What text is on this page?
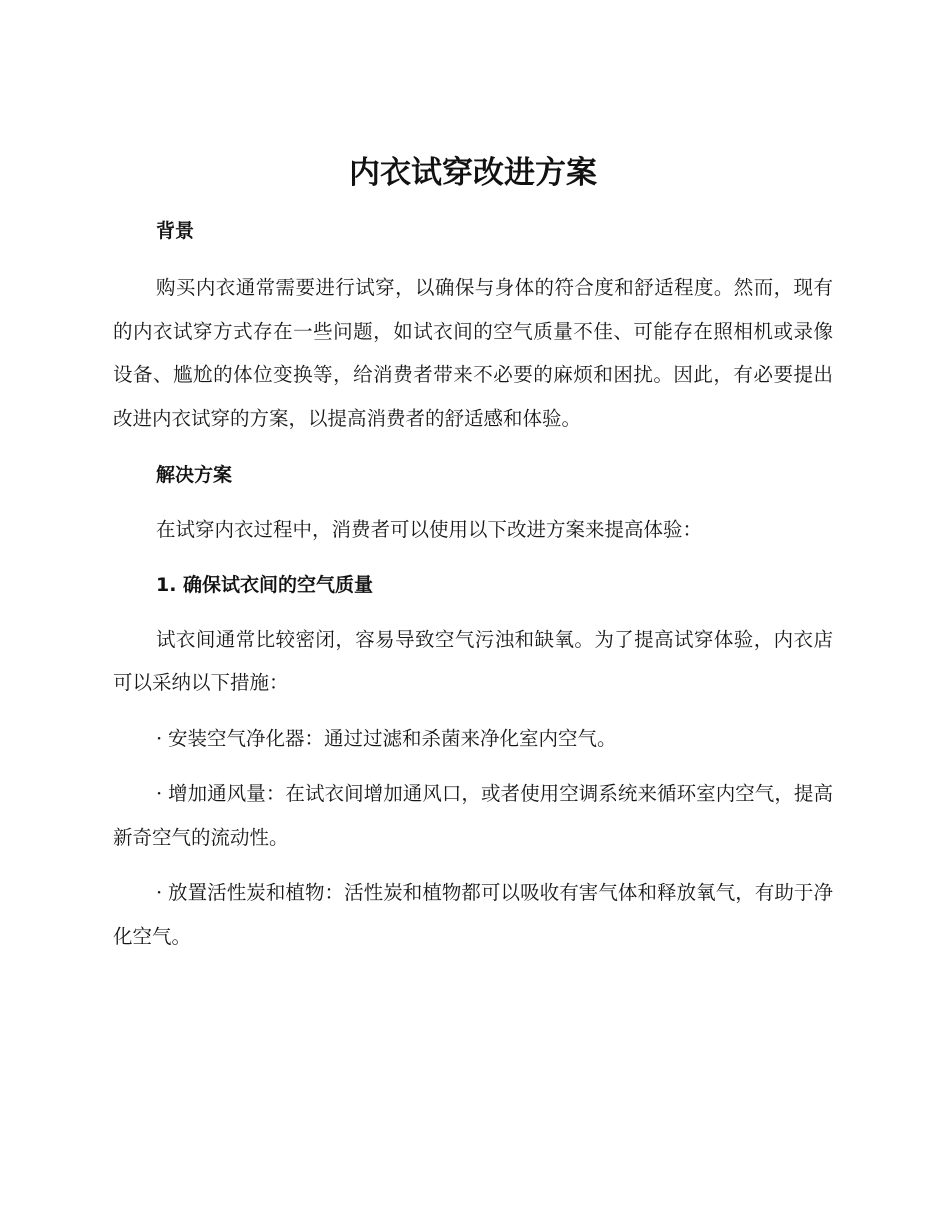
内衣试穿改进方案
背景

购买内衣通常需要进行试穿，以确保与身体的符合度和舒适程度。然而，现有的内衣试穿方式存在一些问题，如试衣间的空气质量不佳、可能存在照相机或录像设备、尴尬的体位变换等，给消费者带来不必要的麻烦和困扰。因此，有必要提出改进内衣试穿的方案，以提高消费者的舒适感和体验。

解决方案

在试穿内衣过程中，消费者可以使用以下改进方案来提高体验：

1. 确保试衣间的空气质量

试衣间通常比较密闭，容易导致空气污浊和缺氧。为了提高试穿体验，内衣店可以采纳以下措施：

· 安装空气净化器：通过过滤和杀菌来净化室内空气。

· 增加通风量：在试衣间增加通风口，或者使用空调系统来循环室内空气，提高新奇空气的流动性。

· 放置活性炭和植物：活性炭和植物都可以吸收有害气体和释放氧气，有助于净化空气。
